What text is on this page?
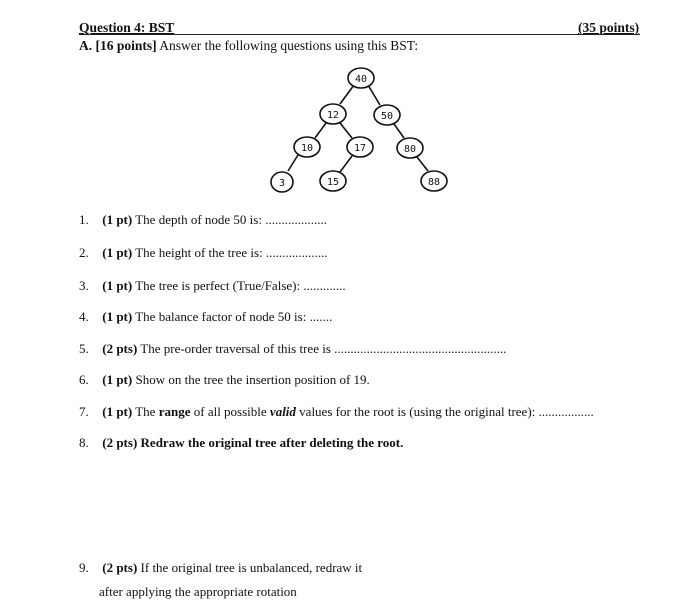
Question 4: BST	(35 points)
A. [16 points] Answer the following questions using this BST:
40
12	50
10	17	80
3	15	88
1. (1 pt) The depth of node 50 is: ...................
2. (1 pt) The height of the tree is: ...................
3. (1 pt) The tree is perfect (True/False): .............
4. (1 pt) The balance factor of node 50 is: .......
5. (2 pts) The pre-order traversal of this tree is .....................................................
6. (1 pt) Show on the tree the insertion position of 19.
7. (1 pt) The range of all possible valid values for the root is (using the original tree): .................
8. (2 pts) Redraw the original tree after deleting the root.
9. (2 pts) If the original tree is unbalanced, redraw it
after applying the appropriate rotation
